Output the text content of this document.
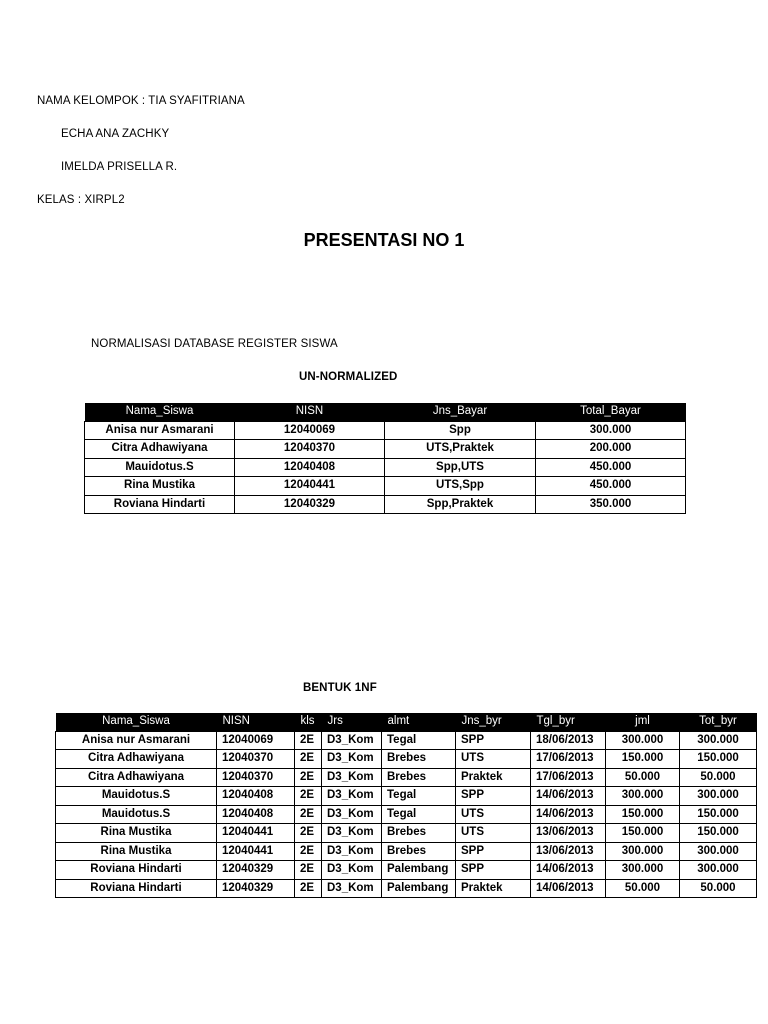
NAMA KELOMPOK : TIA SYAFITRIANA
ECHA ANA ZACHKY
IMELDA PRISELLA R.
KELAS : XIRPL2
PRESENTASI NO 1
NORMALISASI DATABASE REGISTER SISWA
UN-NORMALIZED
Nama_Siswa	NISN	Jns_Bayar	Total_Bayar
Anisa nur Asmarani	12040069	Spp	300.000
Citra Adhawiyana	12040370	UTS,Praktek	200.000
Mauidotus.S	12040408	Spp,UTS	450.000
Rina Mustika	12040441	UTS,Spp	450.000
Roviana Hindarti	12040329	Spp,Praktek	350.000
BENTUK 1NF
Nama_Siswa	NISN	kls	Jrs	almt	Jns_byr	Tgl_byr	jml	Tot_byr
Anisa nur Asmarani	12040069	2E	D3_Kom	Tegal	SPP	18/06/2013	300.000	300.000
Citra Adhawiyana	12040370	2E	D3_Kom	Brebes	UTS	17/06/2013	150.000	150.000
Citra Adhawiyana	12040370	2E	D3_Kom	Brebes	Praktek	17/06/2013	50.000	50.000
Mauidotus.S	12040408	2E	D3_Kom	Tegal	SPP	14/06/2013	300.000	300.000
Mauidotus.S	12040408	2E	D3_Kom	Tegal	UTS	14/06/2013	150.000	150.000
Rina Mustika	12040441	2E	D3_Kom	Brebes	UTS	13/06/2013	150.000	150.000
Rina Mustika	12040441	2E	D3_Kom	Brebes	SPP	13/06/2013	300.000	300.000
Roviana Hindarti	12040329	2E	D3_Kom	Palembang	SPP	14/06/2013	300.000	300.000
Roviana Hindarti	12040329	2E	D3_Kom	Palembang	Praktek	14/06/2013	50.000	50.000
